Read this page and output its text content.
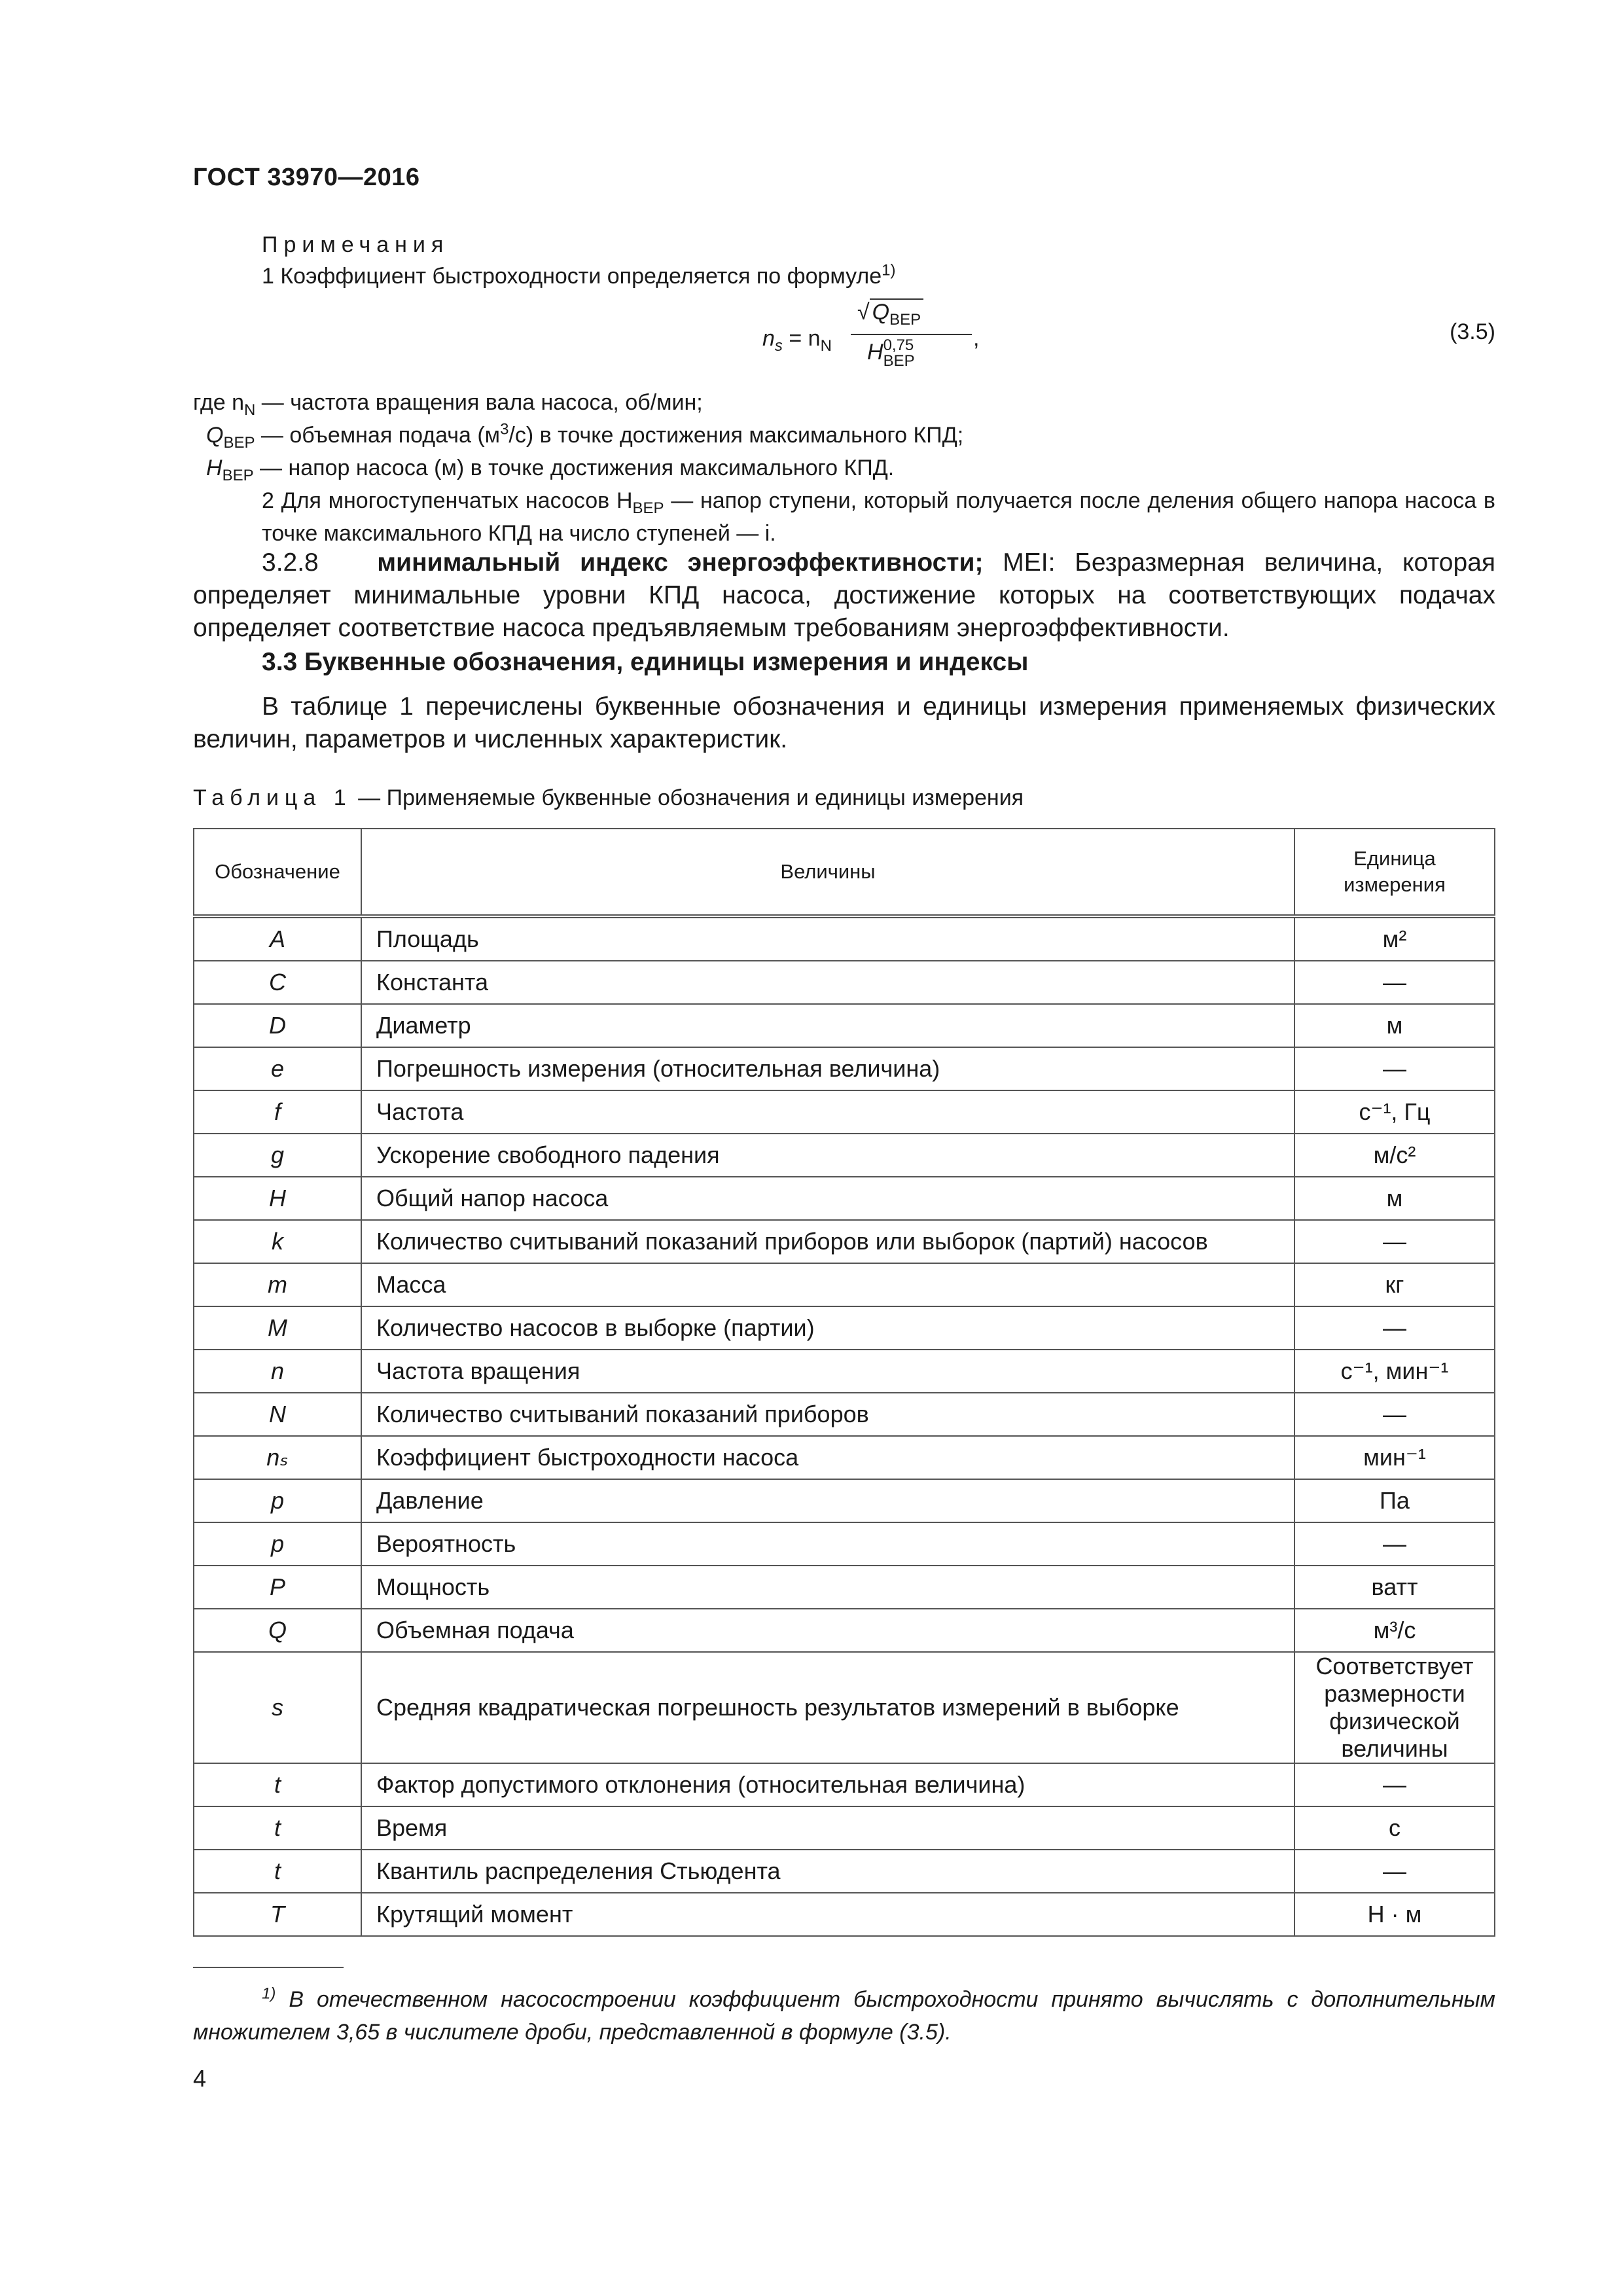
ГОСТ 33970—2016
Примечания
1 Коэффициент быстроходности определяется по формуле$^{1)}$
$n_s = n_N$
√ $Q_{BEP}$
H 0,75
BEP
,	(3.5)
где $n_N$ — частота вращения вала насоса, об/мин;
$Q_{BEP}$ — объемная подача $(м^3/с)$ в точке достижения максимального КПД;
$H_{BEP}$ — напор насоса (м) в точке достижения максимального КПД.
2 Для многоступенчатых насосов $H_{BEP}$ — напор ступени, который получается после деления общего напора насоса в точке максимального КПД на число ступеней — i.
3.2.8 минимальный индекс энергоэффективности; MEI: Безразмерная величина, которая определяет минимальные уровни КПД насоса, достижение которых на соответствующих подачах определяет соответствие насоса предъявляемым требованиям энергоэффективности.
3.3 Буквенные обозначения, единицы измерения и индексы
В таблице 1 перечислены буквенные обозначения и единицы измерения применяемых физических величин, параметров и численных характеристик.
Таблица 1 — Применяемые буквенные обозначения и единицы измерения
Обозначение	Величины	Единица измерения
A	Площадь	м²
C	Константа	—
D	Диаметр	м
e	Погрешность измерения (относительная величина)	—
f	Частота	с⁻¹, Гц
g	Ускорение свободного падения	м/с²
H	Общий напор насоса	м
k	Количество считываний показаний приборов или выборок (партий) насосов	—
m	Масса	кг
M	Количество насосов в выборке (партии)	—
n	Частота вращения	с⁻¹, мин⁻¹
N	Количество считываний показаний приборов	—
nₛ	Коэффициент быстроходности насоса	мин⁻¹
p	Давление	Па
p	Вероятность	—
P	Мощность	ватт
Q	Объемная подача	м³/с
s	Средняя квадратическая погрешность результатов измерений в выборке	Соответствует размерности физической величины
t	Фактор допустимого отклонения (относительная величина)	—
t	Время	с
t	Квантиль распределения Стьюдента	—
T	Крутящий момент	Н · м
$^{1)}$ В отечественном насосостроении коэффициент быстроходности принято вычислять с дополнительным множителем 3,65 в числителе дроби, представленной в формуле (3.5).
4
